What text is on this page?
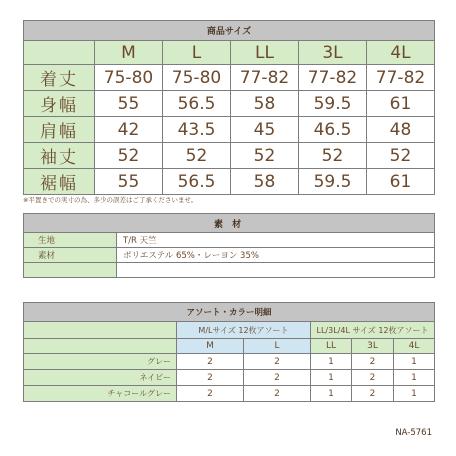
商品サイズ					
	M	L	LL	3L	4L
着丈	75-80	75-80	77-82	77-82	77-82
身幅	55	56.5	58	59.5	61
肩幅	42	43.5	45	46.5	48
袖丈	52	52	52	52	52
裾幅	55	56.5	58	59.5	61
※平置きでの実寸の為、多少の誤差はご了承くださいませ。
素 材	
生地	T/R 天竺
素材	ポリエステル 65%・レーヨン 35%

アソート・カラー明細					
	M/Lサイズ 12枚アソート		LL/3L/4L サイズ 12枚アソート		
	M	L	LL	3L	4L
グレー	2	2	1	2	1
ネイビー	2	2	1	2	1
チャコールグレー	2	2	1	2	1
NA-5761
